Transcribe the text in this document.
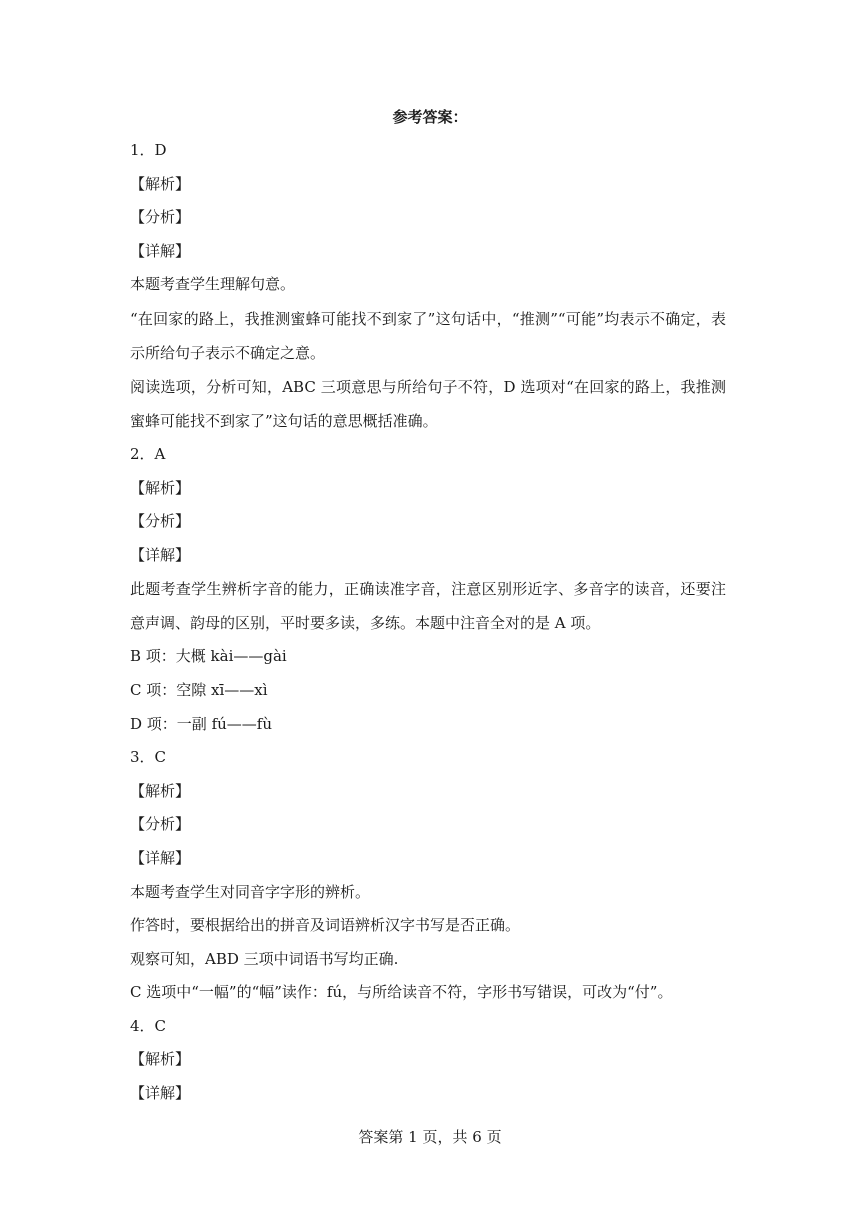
参考答案：
1．D
【解析】
【分析】
【详解】
本题考查学生理解句意。

“在回家的路上，我推测蜜蜂可能找不到家了”这句话中，“推测”“可能”均表示不确定，表示所给句子表示不确定之意。

阅读选项，分析可知，ABC 三项意思与所给句子不符，D 选项对“在回家的路上，我推测蜜蜂可能找不到家了”这句话的意思概括准确。

2．A
【解析】
【分析】
【详解】

此题考查学生辨析字音的能力，正确读准字音，注意区别形近字、多音字的读音，还要注意声调、韵母的区别，平时要多读，多练。本题中注音全对的是 A 项。

B 项：大概 kài——gài
C 项：空隙 xī——xì
D 项：一副 fú——fù
3．C
【解析】
【分析】
【详解】
本题考查学生对同音字字形的辨析。
作答时，要根据给出的拼音及词语辨析汉字书写是否正确。
观察可知，ABD 三项中词语书写均正确.
C 选项中“一幅”的“幅”读作：fú，与所给读音不符，字形书写错误，可改为“付”。
4．C
【解析】
【详解】
答案第 1 页，共 6 页
